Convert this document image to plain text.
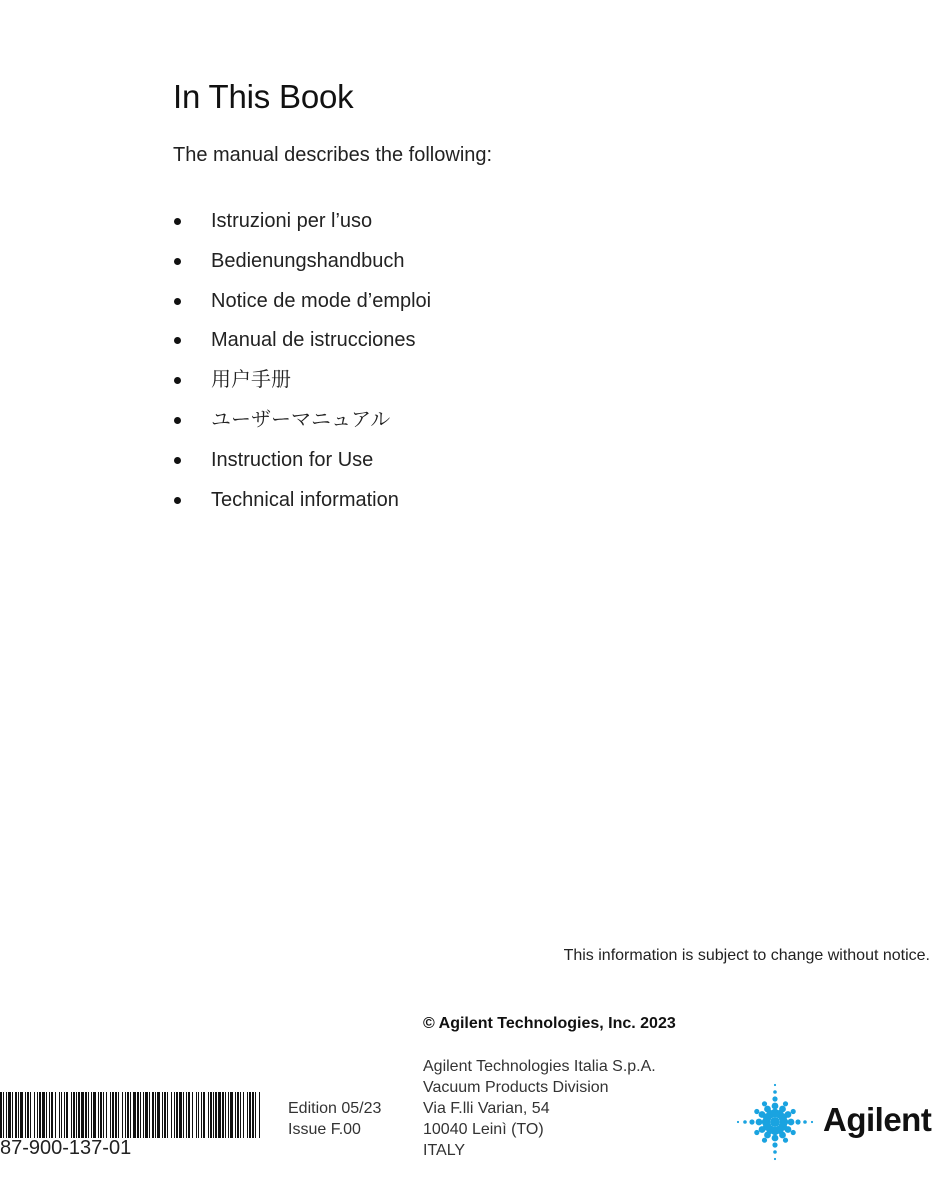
In This Book

The manual describes the following:

Istruzioni per l’uso
Bedienungshandbuch
Notice de mode d’emploi
Manual de istrucciones
用户手册
ユーザーマニュアル
Instruction for Use
Technical information

This information is subject to change without notice.

© Agilent Technologies, Inc. 2023

Agilent Technologies Italia S.p.A.
Vacuum Products Division
Via F.lli Varian, 54
10040 Leinì (TO)
ITALY
Edition 05/23
Issue F.00
87-900-137-01
Agilent
